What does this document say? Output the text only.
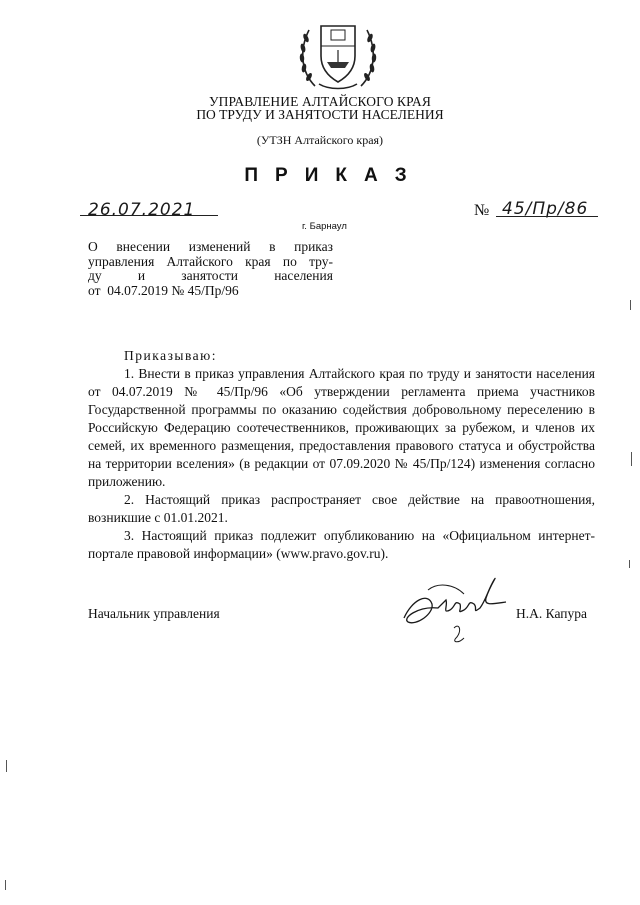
УПРАВЛЕНИЕ АЛТАЙСКОГО КРАЯ
ПО ТРУДУ И ЗАНЯТОСТИ НАСЕЛЕНИЯ
(УТЗН Алтайского края)
ПРИКАЗ
26.07.2021
г. Барнаул
№ 45/Пр/86
О внесении изменений в приказ
управления Алтайского края по тру-
ду	и	занятости	населения
от  04.07.2019 № 45/Пр/96
Приказываю:
1. Внести в приказ управления Алтайского края по труду и занятости населения от 04.07.2019 № 45/Пр/96 «Об утверждении регламента приема участников Государственной программы по оказанию содействия добровольному переселению в Российскую Федерацию соотечественников, проживающих за рубежом, и членов их семей, их временного размещения, предоставления правового статуса и обустройства на территории вселения» (в редакции от 07.09.2020 № 45/Пр/124) изменения согласно приложению.
2. Настоящий приказ распространяет свое действие на правоотношения, возникшие с 01.01.2021.
3. Настоящий приказ подлежит опубликованию на «Официальном интернет-портале правовой информации» (www.pravo.gov.ru).
Начальник управления	Н.А. Капура
